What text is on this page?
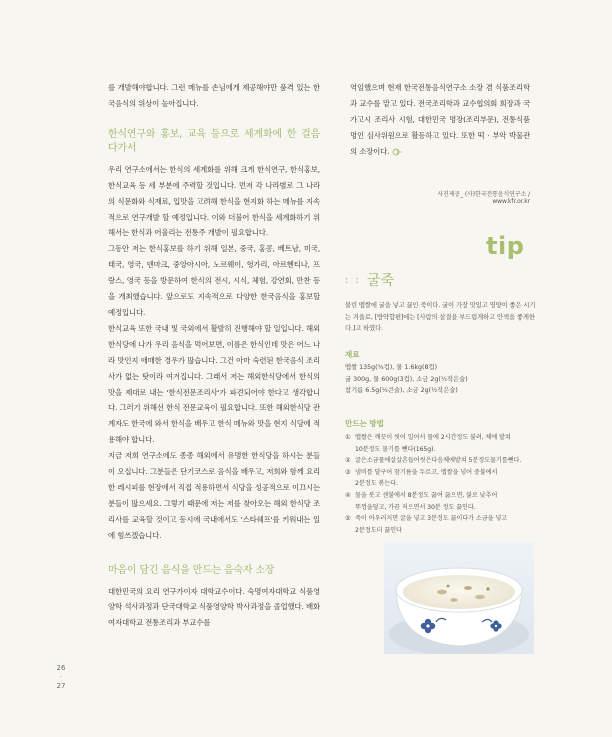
를 개발해야합니다. 그런 메뉴를 손님에게 제공해야만 품격 있는 한국음식의 위상이 높아집니다.

한식연구와 홍보, 교육 등으로 세계화에 한 걸음 다가서

우리 연구소에서는 한식의 세계화를 위해 크게 한식연구, 한식홍보, 한식교육 등 세 부분에 주력할 것입니다. 먼저 각 나라별로 그 나라의 식문화와 식재료, 입맛을 고려해 한식을 현지화 하는 메뉴를 지속적으로 연구개발 할 예정입니다. 이와 더불어 한식을 세계화하기 위해서는 한식과 어울리는 전통주 개발이 필요합니다.

그동안 저는 한식홍보를 하기 위해 일본, 중국, 홍콩, 베트남, 미국, 태국, 영국, 덴마크, 중앙아시아, 노르웨이, 헝가리, 아르헨티나, 프랑스, 영국 등을 방문하여 한식의 전시, 시식, 체험, 강연회, 만찬 등을 개최했습니다. 앞으로도 지속적으로 다양한 한국음식을 홍보할 예정입니다.

한식교육 또한 국내 및 국외에서 활발히 진행해야 할 일입니다. 해외 한식당에 나가 우리 음식을 먹어보면, 이름은 한식인데 맛은 어느 나라 맛인지 애매한 경우가 많습니다. 그건 아마 숙련된 한국음식 조리사가 없는 탓이라 여겨집니다. 그래서 저는 해외한식당에서 한식의 맛을 제대로 내는 '한식전문조리사'가 파견되어야 한다고 생각합니다. 그러기 위해선 한식 전문교육이 필요합니다. 또한 해외한식당 관계자도 한국에 와서 한식을 배우고 한식 메뉴와 맛을 현지 식당에 적용해야 합니다.

지금 저희 연구소에도 종종 해외에서 유명한 한식당을 하시는 분들이 오십니다. 그분들은 단기코스로 음식을 배우고, 저희와 함께 요리한 레시피를 현장에서 직접 적용하면서 식당을 성공적으로 이끄시는 분들이 많으세요. 그렇기 때문에 저는 저를 찾아오는 해외 한식당 조리사를 교육할 것이고 동시에 국내에서도 '스타쉐프'를 키워내는 일에 힘쓰겠습니다.

마음이 담긴 음식을 만드는 음숙자 소장

대한민국의 요리 연구가이자 대학교수이다. 숙명여자대학교 식품영양학 석사과정과 단국대학교 식품영양학 박사과정을 졸업했다. 배화여자대학교 전통조리과 부교수를

역임했으며 현재 한국전통음식연구소 소장 겸 식품조리학과 교수를 맡고 있다. 전국조리학과 교수협의회 회장과 국가고시 조리사 시험, 대한민국 명장(조리부문), 전통식품명인 심사위원으로 활동하고 있다. 또한 떡 · 부악 박물관의 소장이다.

사진제공_ (사)한국전통음식연구소 / www.kfr.or.kr
tip
: : 굴죽

불린 멥쌀에 굴을 넣고 끓인 죽이다. 굴이 가장 맛있고 영양이 좋은 시기는 겨울로, [방약합편]에는 [사람의 살결을 부드럽게하고 안색을 좋게한다.]고 하였다.

재료

멥쌀 135g(¾컵), 물 1.6kg(8컵)

굴 300g, 물 600g(3컵), 소금 2g(½작은술)

참기름 6.5g(½큰술), 소금 2g(½작은술)

만드는 방법
① 멥쌀은 깨끗이 씻어 일어서 물에 2시간정도 불려, 체에 밭쳐
10분정도 물기를 뺀다(165g).
② 굴은소금물에살살흔들어씻은다음체에밭쳐 5분정도물기를뺀다.
③ 냄비를 달구어 참기름을 두르고, 멥쌀을 넣어 중불에서
2분정도 볶는다.
④ 물을 붓고 센불에서 8분정도 끓여 끓으면, 불로 낮추어
뚜껑을덮고, 가끔 저으면서 30분 정도 끓인다.
⑤ 죽이 어우러지면 굴을 넣고 3분정도 끓이다가 소금을 넣고
2분정도더 끓인다
26
·
27
